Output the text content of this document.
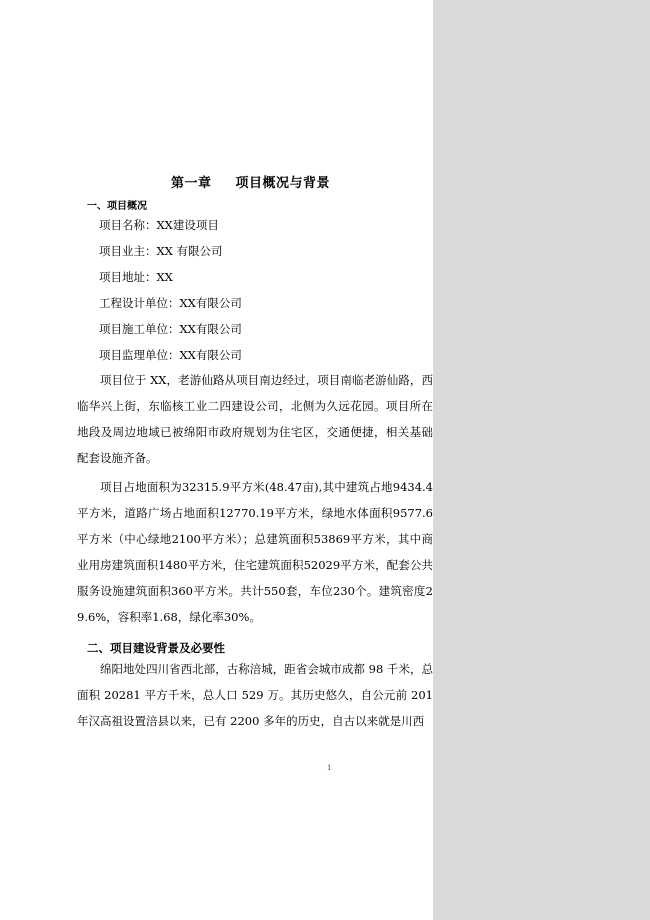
第一章 项目概况与背景
一、项目概况
项目名称：XX建设项目
项目业主：XX 有限公司
项目地址：XX
工程设计单位：XX有限公司
项目施工单位：XX有限公司
项目监理单位：XX有限公司
项目位于 XX，老游仙路从项目南边经过，项目南临老游仙路，西临华兴上街，东临核工业二四建设公司，北侧为久远花园。项目所在地段及周边地域已被绵阳市政府规划为住宅区，交通便捷，相关基础配套设施齐备。
项目占地面积为32315.9平方米(48.47亩),其中建筑占地9434.4平方米，道路广场占地面积12770.19平方米，绿地水体面积9577.6平方米（中心绿地2100平方米）；总建筑面积53869平方米，其中商业用房建筑面积1480平方米，住宅建筑面积52029平方米，配套公共服务设施建筑面积360平方米。共计550套，车位230个。建筑密度29.6%，容积率1.68，绿化率30%。
二、项目建设背景及必要性
绵阳地处四川省西北部，古称涪城，距省会城市成都 98 千米，总面积 20281 平方千米，总人口 529 万。其历史悠久，自公元前 201 年汉高祖设置涪县以来，已有 2200 多年的历史，自古以来就是川西
1
